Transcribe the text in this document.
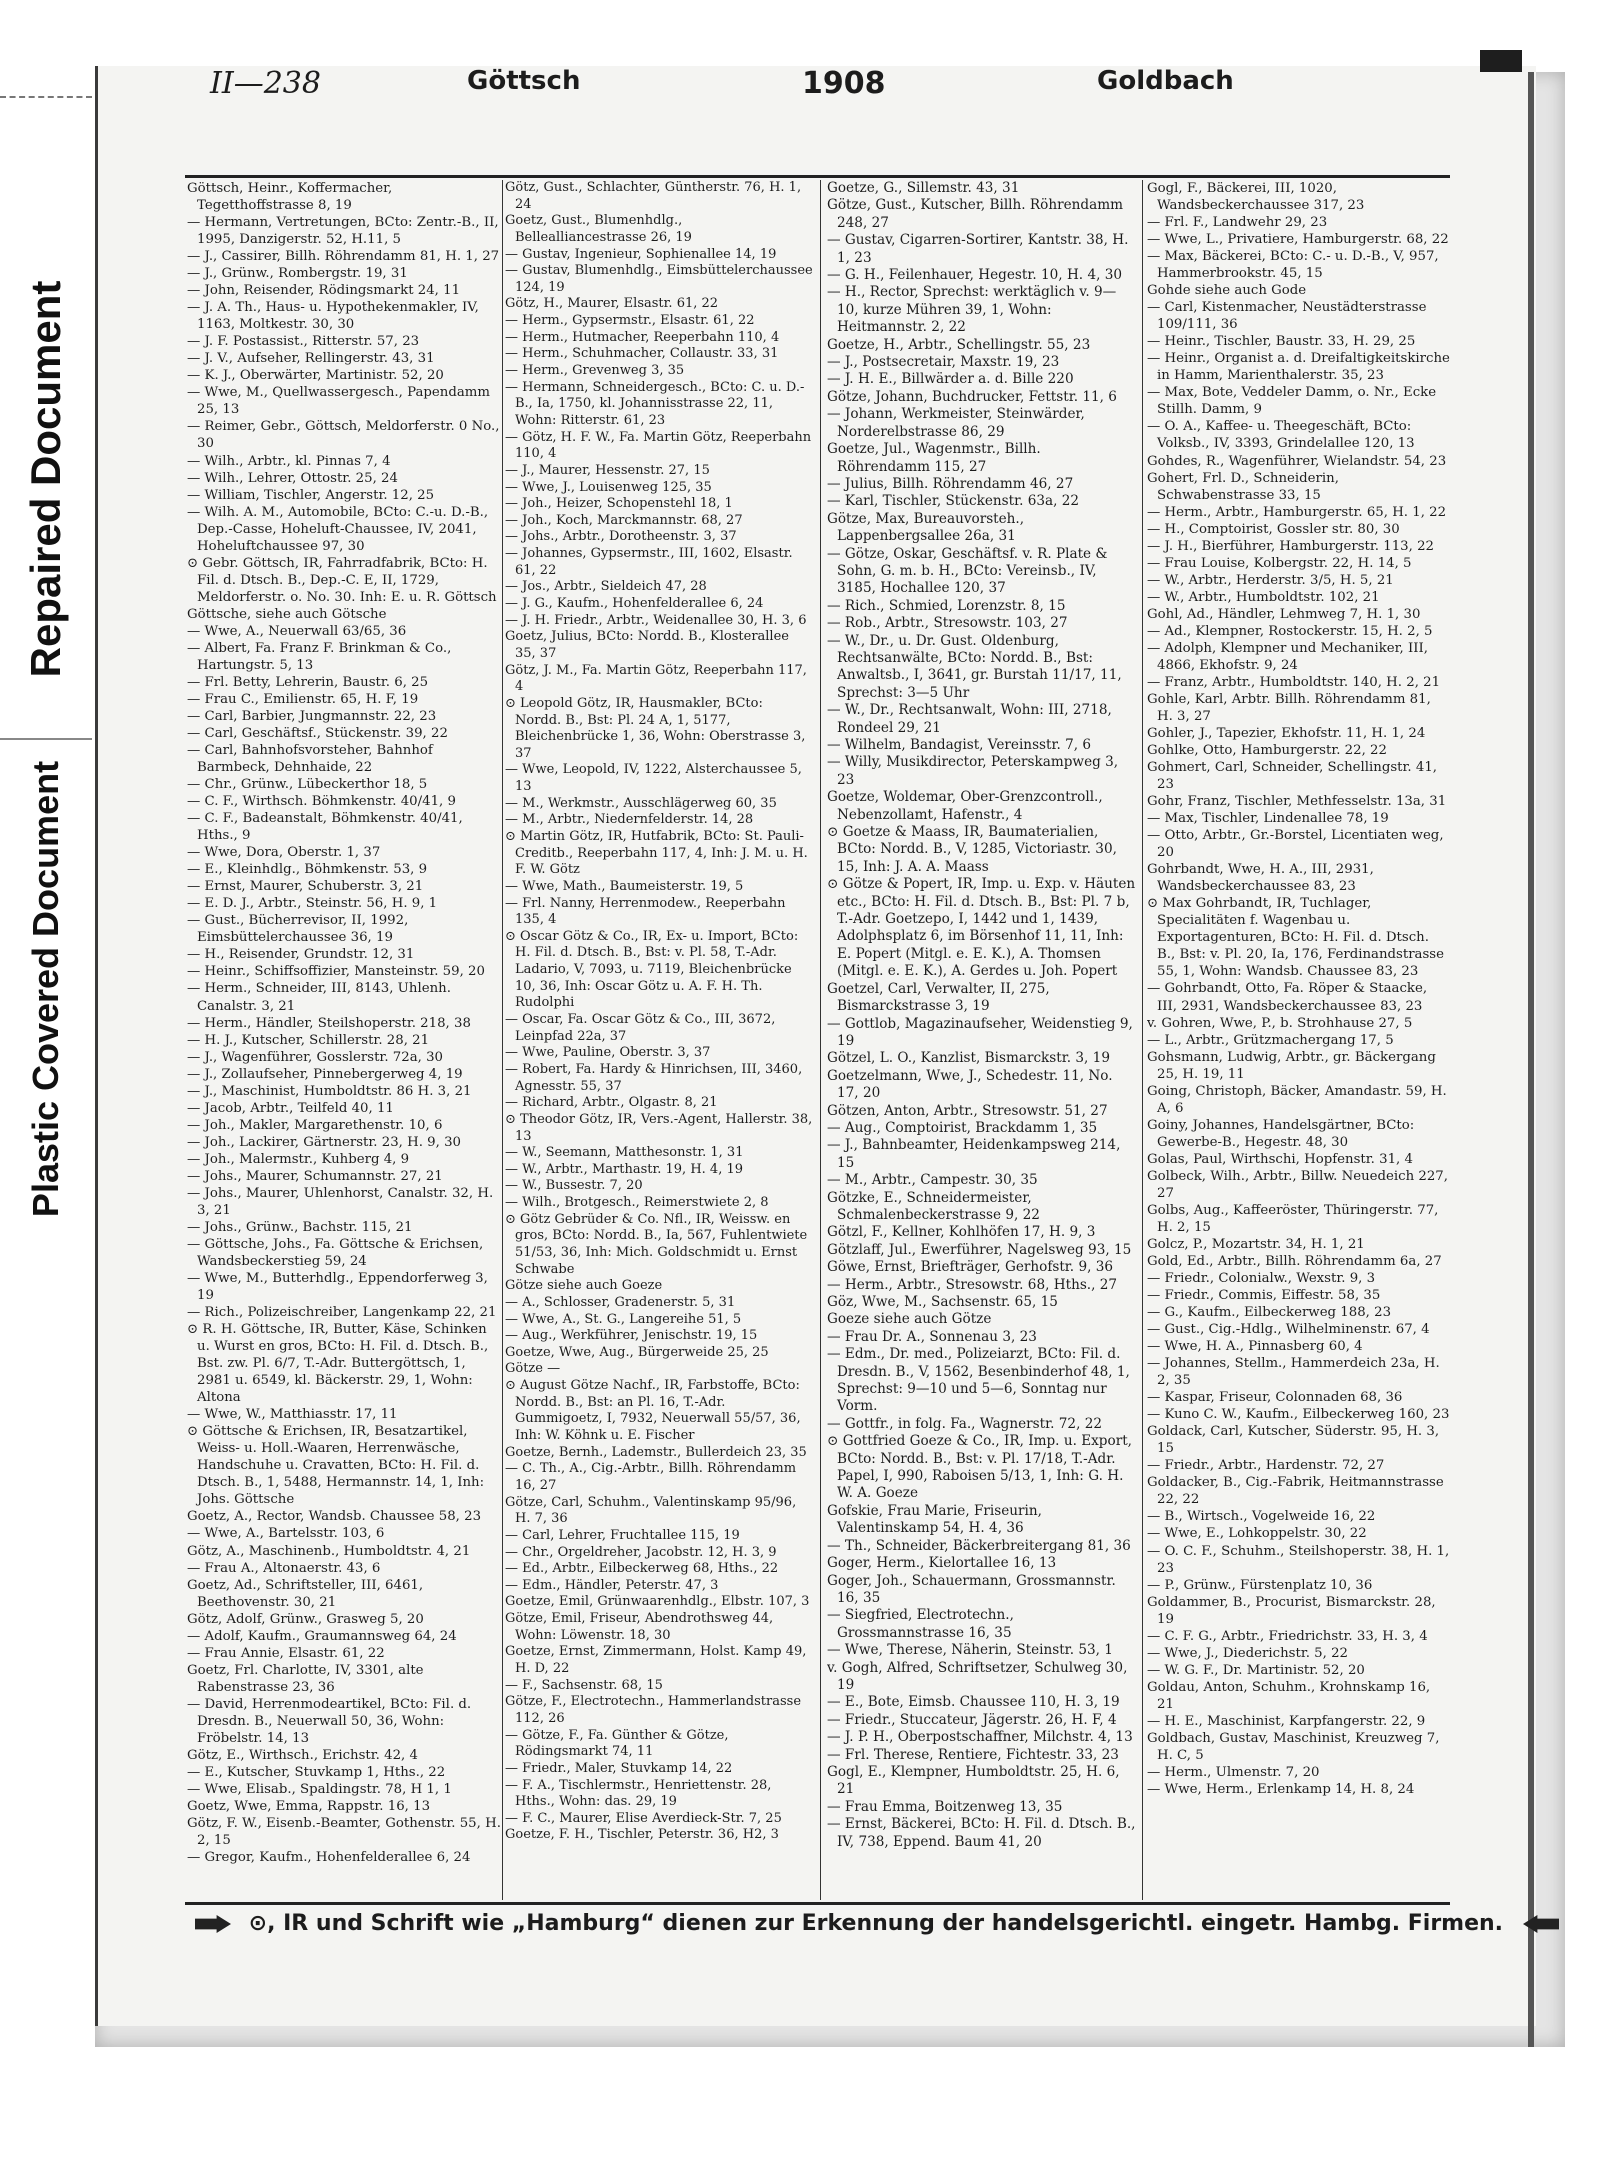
Repaired Document
Plastic Covered Document
II—238	Göttsch	1908	Goldbach

Göttsch, Heinr., Koffermacher, Tegetthoffstrasse 8, 19

— Hermann, Vertretungen, BCto: Zentr.-B., II, 1995, Danzigerstr. 52, H.11, 5

— J., Cassirer, Billh. Röhrendamm 81, H. 1, 27

— J., Grünw., Rombergstr. 19, 31

— John, Reisender, Rödingsmarkt 24, 11

— J. A. Th., Haus- u. Hypothekenmakler, IV, 1163, Moltkestr. 30, 30

— J. F. Postassist., Ritterstr. 57, 23

— J. V., Aufseher, Rellingerstr. 43, 31

— K. J., Oberwärter, Martinistr. 52, 20

— Wwe, M., Quellwassergesch., Papendamm 25, 13

— Reimer, Gebr., Göttsch, Meldorferstr. 0 No., 30

— Wilh., Arbtr., kl. Pinnas 7, 4

— Wilh., Lehrer, Ottostr. 25, 24

— William, Tischler, Angerstr. 12, 25

— Wilh. A. M., Automobile, BCto: C.-u. D.-B., Dep.-Casse, Hoheluft-Chaussee, IV, 2041, Hoheluftchaussee 97, 30

⊙ Gebr. Göttsch, IR, Fahrradfabrik, BCto: H. Fil. d. Dtsch. B., Dep.-C. E, II, 1729, Meldorferstr. o. No. 30. Inh: E. u. R. Göttsch

Göttsche, siehe auch Götsche

— Wwe, A., Neuerwall 63/65, 36

— Albert, Fa. Franz F. Brinkman & Co., Hartungstr. 5, 13

— Frl. Betty, Lehrerin, Baustr. 6, 25

— Frau C., Emilienstr. 65, H. F, 19

— Carl, Barbier, Jungmannstr. 22, 23

— Carl, Geschäftsf., Stückenstr. 39, 22

— Carl, Bahnhofsvorsteher, Bahnhof Barmbeck, Dehnhaide, 22

— Chr., Grünw., Lübeckerthor 18, 5

— C. F., Wirthsch. Böhmkenstr. 40/41, 9

— C. F., Badeanstalt, Böhmkenstr. 40/41, Hths., 9

— Wwe, Dora, Oberstr. 1, 37

— E., Kleinhdlg., Böhmkenstr. 53, 9

— Ernst, Maurer, Schuberstr. 3, 21

— E. D. J., Arbtr., Steinstr. 56, H. 9, 1

— Gust., Bücherrevisor, II, 1992, Eimsbüttelerchaussee 36, 19

— H., Reisender, Grundstr. 12, 31

— Heinr., Schiffsoffizier, Mansteinstr. 59, 20

— Herm., Schneider, III, 8143, Uhlenh. Canalstr. 3, 21

— Herm., Händler, Steilshoperstr. 218, 38

— H. J., Kutscher, Schillerstr. 28, 21

— J., Wagenführer, Gosslerstr. 72a, 30

— J., Zollaufseher, Pinnebergerweg 4, 19

— J., Maschinist, Humboldtstr. 86 H. 3, 21

— Jacob, Arbtr., Teilfeld 40, 11

— Joh., Makler, Margarethenstr. 10, 6

— Joh., Lackirer, Gärtnerstr. 23, H. 9, 30

— Joh., Malermstr., Kuhberg 4, 9

— Johs., Maurer, Schumannstr. 27, 21

— Johs., Maurer, Uhlenhorst, Canalstr. 32, H. 3, 21

— Johs., Grünw., Bachstr. 115, 21

— Göttsche, Johs., Fa. Göttsche & Erichsen, Wandsbeckerstieg 59, 24

— Wwe, M., Butterhdlg., Eppendorferweg 3, 19

— Rich., Polizeischreiber, Langenkamp 22, 21

⊙ R. H. Göttsche, IR, Butter, Käse, Schinken u. Wurst en gros, BCto: H. Fil. d. Dtsch. B., Bst. zw. Pl. 6/7, T.-Adr. Buttergöttsch, 1, 2981 u. 6549, kl. Bäckerstr. 29, 1, Wohn: Altona

— Wwe, W., Matthiasstr. 17, 11

⊙ Göttsche & Erichsen, IR, Besatzartikel, Weiss- u. Holl.-Waaren, Herrenwäsche, Handschuhe u. Cravatten, BCto: H. Fil. d. Dtsch. B., 1, 5488, Hermannstr. 14, 1, Inh: Johs. Göttsche

Goetz, A., Rector, Wandsb. Chaussee 58, 23

— Wwe, A., Bartelsstr. 103, 6

Götz, A., Maschinenb., Humboldtstr. 4, 21

— Frau A., Altonaerstr. 43, 6

Goetz, Ad., Schriftsteller, III, 6461, Beethovenstr. 30, 21

Götz, Adolf, Grünw., Grasweg 5, 20

— Adolf, Kaufm., Graumannsweg 64, 24

— Frau Annie, Elsastr. 61, 22

Goetz, Frl. Charlotte, IV, 3301, alte Rabenstrasse 23, 36

— David, Herrenmodeartikel, BCto: Fil. d. Dresdn. B., Neuerwall 50, 36, Wohn: Fröbelstr. 14, 13

Götz, E., Wirthsch., Erichstr. 42, 4

— E., Kutscher, Stuvkamp 1, Hths., 22

— Wwe, Elisab., Spaldingstr. 78, H 1, 1

Goetz, Wwe, Emma, Rappstr. 16, 13

Götz, F. W., Eisenb.-Beamter, Gothenstr. 55, H. 2, 15

— Gregor, Kaufm., Hohenfelderallee 6, 24

Götz, Gust., Schlachter, Güntherstr. 76, H. 1, 24

Goetz, Gust., Blumenhdlg., Bellealliancestrasse 26, 19

— Gustav, Ingenieur, Sophienallee 14, 19

— Gustav, Blumenhdlg., Eimsbüttelerchaussee 124, 19

Götz, H., Maurer, Elsastr. 61, 22

— Herm., Gypsermstr., Elsastr. 61, 22

— Herm., Hutmacher, Reeperbahn 110, 4

— Herm., Schuhmacher, Collaustr. 33, 31

— Herm., Grevenweg 3, 35

— Hermann, Schneidergesch., BCto: C. u. D.-B., Ia, 1750, kl. Johannisstrasse 22, 11, Wohn: Ritterstr. 61, 23

— Götz, H. F. W., Fa. Martin Götz, Reeperbahn 110, 4

— J., Maurer, Hessenstr. 27, 15

— Wwe, J., Louisenweg 125, 35

— Joh., Heizer, Schopenstehl 18, 1

— Joh., Koch, Marckmannstr. 68, 27

— Johs., Arbtr., Dorotheenstr. 3, 37

— Johannes, Gypsermstr., III, 1602, Elsastr. 61, 22

— Jos., Arbtr., Sieldeich 47, 28

— J. G., Kaufm., Hohenfelderallee 6, 24

— J. H. Friedr., Arbtr., Weidenallee 30, H. 3, 6

Goetz, Julius, BCto: Nordd. B., Klosterallee 35, 37

Götz, J. M., Fa. Martin Götz, Reeperbahn 117, 4

⊙ Leopold Götz, IR, Hausmakler, BCto: Nordd. B., Bst: Pl. 24 A, 1, 5177, Bleichenbrücke 1, 36, Wohn: Oberstrasse 3, 37

— Wwe, Leopold, IV, 1222, Alsterchaussee 5, 13

— M., Werkmstr., Ausschlägerweg 60, 35

— M., Arbtr., Niedernfelderstr. 14, 28

⊙ Martin Götz, IR, Hutfabrik, BCto: St. Pauli-Creditb., Reeperbahn 117, 4, Inh: J. M. u. H. F. W. Götz

— Wwe, Math., Baumeisterstr. 19, 5

— Frl. Nanny, Herrenmodew., Reeperbahn 135, 4

⊙ Oscar Götz & Co., IR, Ex- u. Import, BCto: H. Fil. d. Dtsch. B., Bst: v. Pl. 58, T.-Adr. Ladario, V, 7093, u. 7119, Bleichenbrücke 10, 36, Inh: Oscar Götz u. A. F. H. Th. Rudolphi

— Oscar, Fa. Oscar Götz & Co., III, 3672, Leinpfad 22a, 37

— Wwe, Pauline, Oberstr. 3, 37

— Robert, Fa. Hardy & Hinrichsen, III, 3460, Agnesstr. 55, 37

— Richard, Arbtr., Olgastr. 8, 21

⊙ Theodor Götz, IR, Vers.-Agent, Hallerstr. 38, 13

— W., Seemann, Matthesonstr. 1, 31

— W., Arbtr., Marthastr. 19, H. 4, 19

— W., Bussestr. 7, 20

— Wilh., Brotgesch., Reimerstwiete 2, 8

⊙ Götz Gebrüder & Co. Nfl., IR, Weissw. en gros, BCto: Nordd. B., Ia, 567, Fuhlentwiete 51/53, 36, Inh: Mich. Goldschmidt u. Ernst Schwabe

Götze siehe auch Goeze

— A., Schlosser, Gradenerstr. 5, 31

— Wwe, A., St. G., Langereihe 51, 5

— Aug., Werkführer, Jenischstr. 19, 15

Goetze, Wwe, Aug., Bürgerweide 25, 25

Götze —

⊙ August Götze Nachf., IR, Farbstoffe, BCto: Nordd. B., Bst: an Pl. 16, T.-Adr. Gummigoetz, I, 7932, Neuerwall 55/57, 36, Inh: W. Köhnk u. E. Fischer

Goetze, Bernh., Lademstr., Bullerdeich 23, 35

— C. Th., A., Cig.-Arbtr., Billh. Röhrendamm 16, 27

Götze, Carl, Schuhm., Valentinskamp 95/96, H. 7, 36

— Carl, Lehrer, Fruchtallee 115, 19

— Chr., Orgeldreher, Jacobstr. 12, H. 3, 9

— Ed., Arbtr., Eilbeckerweg 68, Hths., 22

— Edm., Händler, Peterstr. 47, 3

Goetze, Emil, Grünwaarenhdlg., Elbstr. 107, 3

Götze, Emil, Friseur, Abendrothsweg 44, Wohn: Löwenstr. 18, 30

Goetze, Ernst, Zimmermann, Holst. Kamp 49, H. D, 22

— F., Sachsenstr. 68, 15

Götze, F., Electrotechn., Hammerlandstrasse 112, 26

— Götze, F., Fa. Günther & Götze, Rödingsmarkt 74, 11

— Friedr., Maler, Stuvkamp 14, 22

— F. A., Tischlermstr., Henriettenstr. 28, Hths., Wohn: das. 29, 19

— F. C., Maurer, Elise Averdieck-Str. 7, 25

Goetze, F. H., Tischler, Peterstr. 36, H2, 3

Goetze, G., Sillemstr. 43, 31

Götze, Gust., Kutscher, Billh. Röhrendamm 248, 27

— Gustav, Cigarren-Sortirer, Kantstr. 38, H. 1, 23

— G. H., Feilenhauer, Hegestr. 10, H. 4, 30

— H., Rector, Sprechst: werktäglich v. 9—10, kurze Mühren 39, 1, Wohn: Heitmannstr. 2, 22

Goetze, H., Arbtr., Schellingstr. 55, 23

— J., Postsecretair, Maxstr. 19, 23

— J. H. E., Billwärder a. d. Bille 220

Götze, Johann, Buchdrucker, Fettstr. 11, 6

— Johann, Werkmeister, Steinwärder, Norderelbstrasse 86, 29

Goetze, Jul., Wagenmstr., Billh. Röhrendamm 115, 27

— Julius, Billh. Röhrendamm 46, 27

— Karl, Tischler, Stückenstr. 63a, 22

Götze, Max, Bureauvorsteh., Lappenbergsallee 26a, 31

— Götze, Oskar, Geschäftsf. v. R. Plate & Sohn, G. m. b. H., BCto: Vereinsb., IV, 3185, Hochallee 120, 37

— Rich., Schmied, Lorenzstr. 8, 15

— Rob., Arbtr., Stresowstr. 103, 27

— W., Dr., u. Dr. Gust. Oldenburg, Rechtsanwälte, BCto: Nordd. B., Bst: Anwaltsb., I, 3641, gr. Burstah 11/17, 11, Sprechst: 3—5 Uhr

— W., Dr., Rechtsanwalt, Wohn: III, 2718, Rondeel 29, 21

— Wilhelm, Bandagist, Vereinsstr. 7, 6

— Willy, Musikdirector, Peterskampweg 3, 23

Goetze, Woldemar, Ober-Grenzcontroll., Nebenzollamt, Hafenstr., 4

⊙ Goetze & Maass, IR, Baumaterialien, BCto: Nordd. B., V, 1285, Victoriastr. 30, 15, Inh: J. A. A. Maass

⊙ Götze & Popert, IR, Imp. u. Exp. v. Häuten etc., BCto: H. Fil. d. Dtsch. B., Bst: Pl. 7 b, T.-Adr. Goetzepo, I, 1442 und 1, 1439, Adolphsplatz 6, im Börsenhof 11, 11, Inh: E. Popert (Mitgl. e. E. K.), A. Thomsen (Mitgl. e. E. K.), A. Gerdes u. Joh. Popert

Goetzel, Carl, Verwalter, II, 275, Bismarckstrasse 3, 19

— Gottlob, Magazinaufseher, Weidenstieg 9, 19

Götzel, L. O., Kanzlist, Bismarckstr. 3, 19

Goetzelmann, Wwe, J., Schedestr. 11, No. 17, 20

Götzen, Anton, Arbtr., Stresowstr. 51, 27

— Aug., Comptoirist, Brackdamm 1, 35

— J., Bahnbeamter, Heidenkampsweg 214, 15

— M., Arbtr., Campestr. 30, 35

Götzke, E., Schneidermeister, Schmalenbeckerstrasse 9, 22

Götzl, F., Kellner, Kohlhöfen 17, H. 9, 3

Götzlaff, Jul., Ewerführer, Nagelsweg 93, 15

Göwe, Ernst, Briefträger, Gerhofstr. 9, 36

— Herm., Arbtr., Stresowstr. 68, Hths., 27

Göz, Wwe, M., Sachsenstr. 65, 15

Goeze siehe auch Götze

— Frau Dr. A., Sonnenau 3, 23

— Edm., Dr. med., Polizeiarzt, BCto: Fil. d. Dresdn. B., V, 1562, Besenbinderhof 48, 1, Sprechst: 9—10 und 5—6, Sonntag nur Vorm.

— Gottfr., in folg. Fa., Wagnerstr. 72, 22

⊙ Gottfried Goeze & Co., IR, Imp. u. Export, BCto: Nordd. B., Bst: v. Pl. 17/18, T.-Adr. Papel, I, 990, Raboisen 5/13, 1, Inh: G. H. W. A. Goeze

Gofskie, Frau Marie, Friseurin, Valentinskamp 54, H. 4, 36

— Th., Schneider, Bäckerbreitergang 81, 36

Goger, Herm., Kielortallee 16, 13

Goger, Joh., Schauermann, Grossmannstr. 16, 35

— Siegfried, Electrotechn., Grossmannstrasse 16, 35

— Wwe, Therese, Näherin, Steinstr. 53, 1

v. Gogh, Alfred, Schriftsetzer, Schulweg 30, 19

— E., Bote, Eimsb. Chaussee 110, H. 3, 19

— Friedr., Stuccateur, Jägerstr. 26, H. F, 4

— J. P. H., Oberpostschaffner, Milchstr. 4, 13

— Frl. Therese, Rentiere, Fichtestr. 33, 23

Gogl, E., Klempner, Humboldtstr. 25, H. 6, 21

— Frau Emma, Boitzenweg 13, 35

— Ernst, Bäckerei, BCto: H. Fil. d. Dtsch. B., IV, 738, Eppend. Baum 41, 20

Gogl, F., Bäckerei, III, 1020, Wandsbeckerchaussee 317, 23

— Frl. F., Landwehr 29, 23

— Wwe, L., Privatiere, Hamburgerstr. 68, 22

— Max, Bäckerei, BCto: C.- u. D.-B., V, 957, Hammerbrookstr. 45, 15

Gohde siehe auch Gode

— Carl, Kistenmacher, Neustädterstrasse 109/111, 36

— Heinr., Tischler, Baustr. 33, H. 29, 25

— Heinr., Organist a. d. Dreifaltigkeitskirche in Hamm, Marienthalerstr. 35, 23

— Max, Bote, Veddeler Damm, o. Nr., Ecke Stillh. Damm, 9

— O. A., Kaffee- u. Theegeschäft, BCto: Volksb., IV, 3393, Grindelallee 120, 13

Gohdes, R., Wagenführer, Wielandstr. 54, 23

Gohert, Frl. D., Schneiderin, Schwabenstrasse 33, 15

— Herm., Arbtr., Hamburgerstr. 65, H. 1, 22

— H., Comptoirist, Gossler str. 80, 30

— J. H., Bierführer, Hamburgerstr. 113, 22

— Frau Louise, Kolbergstr. 22, H. 14, 5

— W., Arbtr., Herderstr. 3/5, H. 5, 21

— W., Arbtr., Humboldtstr. 102, 21

Gohl, Ad., Händler, Lehmweg 7, H. 1, 30

— Ad., Klempner, Rostockerstr. 15, H. 2, 5

— Adolph, Klempner und Mechaniker, III, 4866, Ekhofstr. 9, 24

— Franz, Arbtr., Humboldtstr. 140, H. 2, 21

Gohle, Karl, Arbtr. Billh. Röhrendamm 81, H. 3, 27

Gohler, J., Tapezier, Ekhofstr. 11, H. 1, 24

Gohlke, Otto, Hamburgerstr. 22, 22

Gohmert, Carl, Schneider, Schellingstr. 41, 23

Gohr, Franz, Tischler, Methfesselstr. 13a, 31

— Max, Tischler, Lindenallee 78, 19

— Otto, Arbtr., Gr.-Borstel, Licentiaten weg, 20

Gohrbandt, Wwe, H. A., III, 2931, Wandsbeckerchaussee 83, 23

⊙ Max Gohrbandt, IR, Tuchlager, Specialitäten f. Wagenbau u. Exportagenturen, BCto: H. Fil. d. Dtsch. B., Bst: v. Pl. 20, Ia, 176, Ferdinandstrasse 55, 1, Wohn: Wandsb. Chaussee 83, 23

— Gohrbandt, Otto, Fa. Röper & Staacke, III, 2931, Wandsbeckerchaussee 83, 23

v. Gohren, Wwe, P., b. Strohhause 27, 5

— L., Arbtr., Grützmachergang 17, 5

Gohsmann, Ludwig, Arbtr., gr. Bäckergang 25, H. 19, 11

Going, Christoph, Bäcker, Amandastr. 59, H. A, 6

Goiny, Johannes, Handelsgärtner, BCto: Gewerbe-B., Hegestr. 48, 30

Golas, Paul, Wirthschi, Hopfenstr. 31, 4

Golbeck, Wilh., Arbtr., Billw. Neuedeich 227, 27

Golbs, Aug., Kaffeeröster, Thüringerstr. 77, H. 2, 15

Golcz, P., Mozartstr. 34, H. 1, 21

Gold, Ed., Arbtr., Billh. Röhrendamm 6a, 27

— Friedr., Colonialw., Wexstr. 9, 3

— Friedr., Commis, Eiffestr. 58, 35

— G., Kaufm., Eilbeckerweg 188, 23

— Gust., Cig.-Hdlg., Wilhelminenstr. 67, 4

— Wwe, H. A., Pinnasberg 60, 4

— Johannes, Stellm., Hammerdeich 23a, H. 2, 35

— Kaspar, Friseur, Colonnaden 68, 36

— Kuno C. W., Kaufm., Eilbeckerweg 160, 23

Goldack, Carl, Kutscher, Süderstr. 95, H. 3, 15

— Friedr., Arbtr., Hardenstr. 72, 27

Goldacker, B., Cig.-Fabrik, Heitmannstrasse 22, 22

— B., Wirtsch., Vogelweide 16, 22

— Wwe, E., Lohkoppelstr. 30, 22

— O. C. F., Schuhm., Steilshoperstr. 38, H. 1, 23

— P., Grünw., Fürstenplatz 10, 36

Goldammer, B., Procurist, Bismarckstr. 28, 19

— C. F. G., Arbtr., Friedrichstr. 33, H. 3, 4

— Wwe, J., Diederichstr. 5, 22

— W. G. F., Dr. Martinistr. 52, 20

Goldau, Anton, Schuhm., Krohnskamp 16, 21

— H. E., Maschinist, Karpfangerstr. 22, 9

Goldbach, Gustav, Maschinist, Kreuzweg 7, H. C, 5

— Herm., Ulmenstr. 7, 20

— Wwe, Herm., Erlenkamp 14, H. 8, 24

⊙, IR und Schrift wie „Hamburg“ dienen zur Erkennung der handelsgerichtl. eingetr. Hambg. Firmen.
